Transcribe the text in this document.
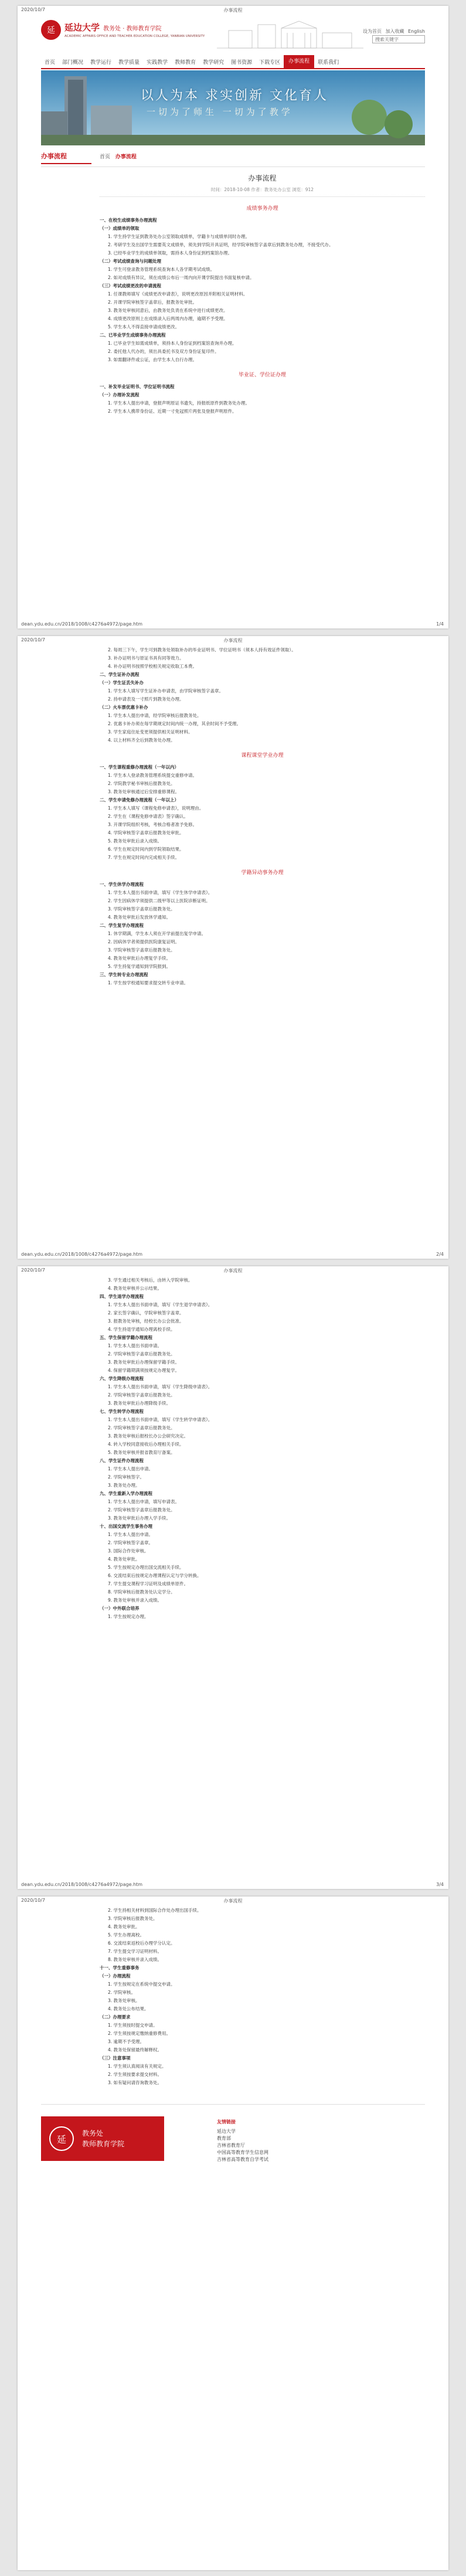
2020/10/7	办事流程
延	延边大学 教务处 · 教师教育学院
ACADEMIC AFFAIRS OFFICE AND TEACHER EDUCATION COLLEGE, YANBIAN UNIVERSITY
设为首页 加入收藏 English
搜索关键字
首页	部门概况	教学运行	教学质量	实践教学	教师教育	教学研究	图书资源	下载专区	办事流程	联系我们
以人为本 求实创新 文化育人
一切为了师生 一切为了教学
办事流程	首页 办事流程
办事流程
时间：2018-10-08 作者：教务处办公室 浏览：912
成绩事务办理
一、在校生成绩事务办理流程
（一）成绩单的领取
1. 学生持学生证到教务处办公室领取成绩单，学籍卡与成绩单同时办理。
2. 考研学生及出国学生需要英文成绩单，须先到学院开具证明，经学院审核签字盖章后到教务处办理，不接受代办。
3. 已经毕业学生的成绩单领取，需持本人身份证到档案馆办理。
（二）考试成绩查询与问题处理
1. 学生可登录教务管理系统查询本人各学期考试成绩。
2. 如对成绩有异议，须在成绩公布后一周内向开课学院提出书面复核申请。
（三）考试成绩更改的申请流程
1. 任课教师填写《成绩更改申请表》，说明更改原因并附相关证明材料。
2. 开课学院审核签字盖章后，报教务处审批。
3. 教务处审核同意后，由教务处负责在系统中进行成绩更改。
4. 成绩更改原则上在成绩录入后两周内办理，逾期不予受理。
5. 学生本人不得直接申请成绩更改。
二、已毕业学生成绩事务办理流程
1. 已毕业学生如需成绩单，须持本人身份证到档案馆查询并办理。
2. 委托他人代办的，须出具委托书及双方身份证复印件。
3. 如需翻译件或公证，由学生本人自行办理。
毕业证、学位证办理
一、补发毕业证明书、学位证明书流程
（一）办理补发流程
1. 学生本人提出申请，登报声明原证书遗失，持报纸原件到教务处办理。
2. 学生本人携带身份证、近期一寸免冠照片两张及登报声明原件。
dean.ydu.edu.cn/2018/1008/c4276a4972/page.htm	1/4
2020/10/7	办事流程
2. 每周三下午，学生可到教务处领取补办的毕业证明书、学位证明书（须本人持有效证件领取）。
3. 补办证明书与原证书具有同等效力。
4. 补办证明书按照学校相关规定收取工本费。
二、学生证补办流程
（一）学生证丢失补办
1. 学生本人填写学生证补办申请表，由学院审核签字盖章。
2. 持申请表及一寸照片到教务处办理。
（二）火车票优惠卡补办
1. 学生本人提出申请，经学院审核后报教务处。
2. 优惠卡补办须在每学期规定时间内统一办理，其余时间不予受理。
3. 学生家庭住址变更须提供相关证明材料。
4. 以上材料齐全后到教务处办理。
课程课堂学业办理
一、学生课程重修办理流程（一年以内）
1. 学生本人登录教务管理系统提交重修申请。
2. 学院教学秘书审核后报教务处。
3. 教务处审核通过后安排重修课程。
二、学生申请免修办理流程（一年以上）
1. 学生本人填写《课程免修申请表》，说明理由。
2. 学生在《课程免修申请表》签字确认。
3. 开课学院组织考核，考核合格者准予免修。
4. 学院审核签字盖章后报教务处审批。
5. 教务处审批后录入成绩。
6. 学生在规定时间内到学院领取结果。
7. 学生在规定时间内完成相关手续。
学籍异动事务办理
一、学生休学办理流程
1. 学生本人提出书面申请，填写《学生休学申请表》。
2. 学生因病休学须提供二级甲等以上医院诊断证明。
3. 学院审核签字盖章后报教务处。
4. 教务处审批后发放休学通知。
二、学生复学办理流程
1. 休学期满，学生本人须在开学前提出复学申请。
2. 因病休学者须提供医院康复证明。
3. 学院审核签字盖章后报教务处。
4. 教务处审批后办理复学手续。
5. 学生持复学通知到学院报到。
三、学生转专业办理流程
1. 学生按学校通知要求提交转专业申请。
dean.ydu.edu.cn/2018/1008/c4276a4972/page.htm	2/4
2020/10/7	办事流程
3. 学生通过相关考核后，由转入学院审核。
4. 教务处审核并公示结果。
四、学生退学办理流程
1. 学生本人提出书面申请，填写《学生退学申请表》。
2. 家长签字确认，学院审核签字盖章。
3. 报教务处审核，经校长办公会批准。
4. 学生持退学通知办理离校手续。
五、学生保留学籍办理流程
1. 学生本人提出书面申请。
2. 学院审核签字盖章后报教务处。
3. 教务处审批后办理保留学籍手续。
4. 保留学籍期满须按规定办理复学。
六、学生降级办理流程
1. 学生本人提出书面申请，填写《学生降级申请表》。
2. 学院审核签字盖章后报教务处。
3. 教务处审批后办理降级手续。
七、学生转学办理流程
1. 学生本人提出书面申请，填写《学生转学申请表》。
2. 学院审核签字盖章后报教务处。
3. 教务处审核后报校长办公会研究决定。
4. 转入学校同意接收后办理相关手续。
5. 教务处审核并报省教育厅备案。
八、学生证件办理流程
1. 学生本人提出申请。
2. 学院审核签字。
3. 教务处办理。
九、学生重新入学办理流程
1. 学生本人提出申请，填写申请表。
2. 学院审核签字盖章后报教务处。
3. 教务处审批后办理入学手续。
十、出国交流学生事务办理
1. 学生本人提出申请。
2. 学院审核签字盖章。
3. 国际合作处审核。
4. 教务处审批。
5. 学生按规定办理出国交流相关手续。
6. 交流结束后按规定办理课程认定与学分转换。
7. 学生提交课程学习证明及成绩单原件。
8. 学院审核后报教务处认定学分。
9. 教务处审核并录入成绩。
（一）中外联合培养
1. 学生按规定办理。
dean.ydu.edu.cn/2018/1008/c4276a4972/page.htm	3/4
2020/10/7	办事流程
2. 学生持相关材料到国际合作处办理出国手续。
3. 学院审核后报教务处。
4. 教务处审批。
5. 学生办理离校。
6. 交流结束返校后办理学分认定。
7. 学生提交学习证明材料。
8. 教务处审核并录入成绩。
十一、学生重修事务
（一）办理流程
1. 学生按规定在系统中提交申请。
2. 学院审核。
3. 教务处审核。
4. 教务处公布结果。
（二）办理要求
1. 学生须按时提交申请。
2. 学生须按规定缴纳重修费用。
3. 逾期不予受理。
4. 教务处保留最终解释权。
（三）注意事项
1. 学生须认真阅读有关规定。
2. 学生须按要求提交材料。
3. 如有疑问请咨询教务处。
延
教务处
教师教育学院
友情链接
延边大学
教育部
吉林省教育厅
中国高等教育学生信息网
吉林省高等教育自学考试
